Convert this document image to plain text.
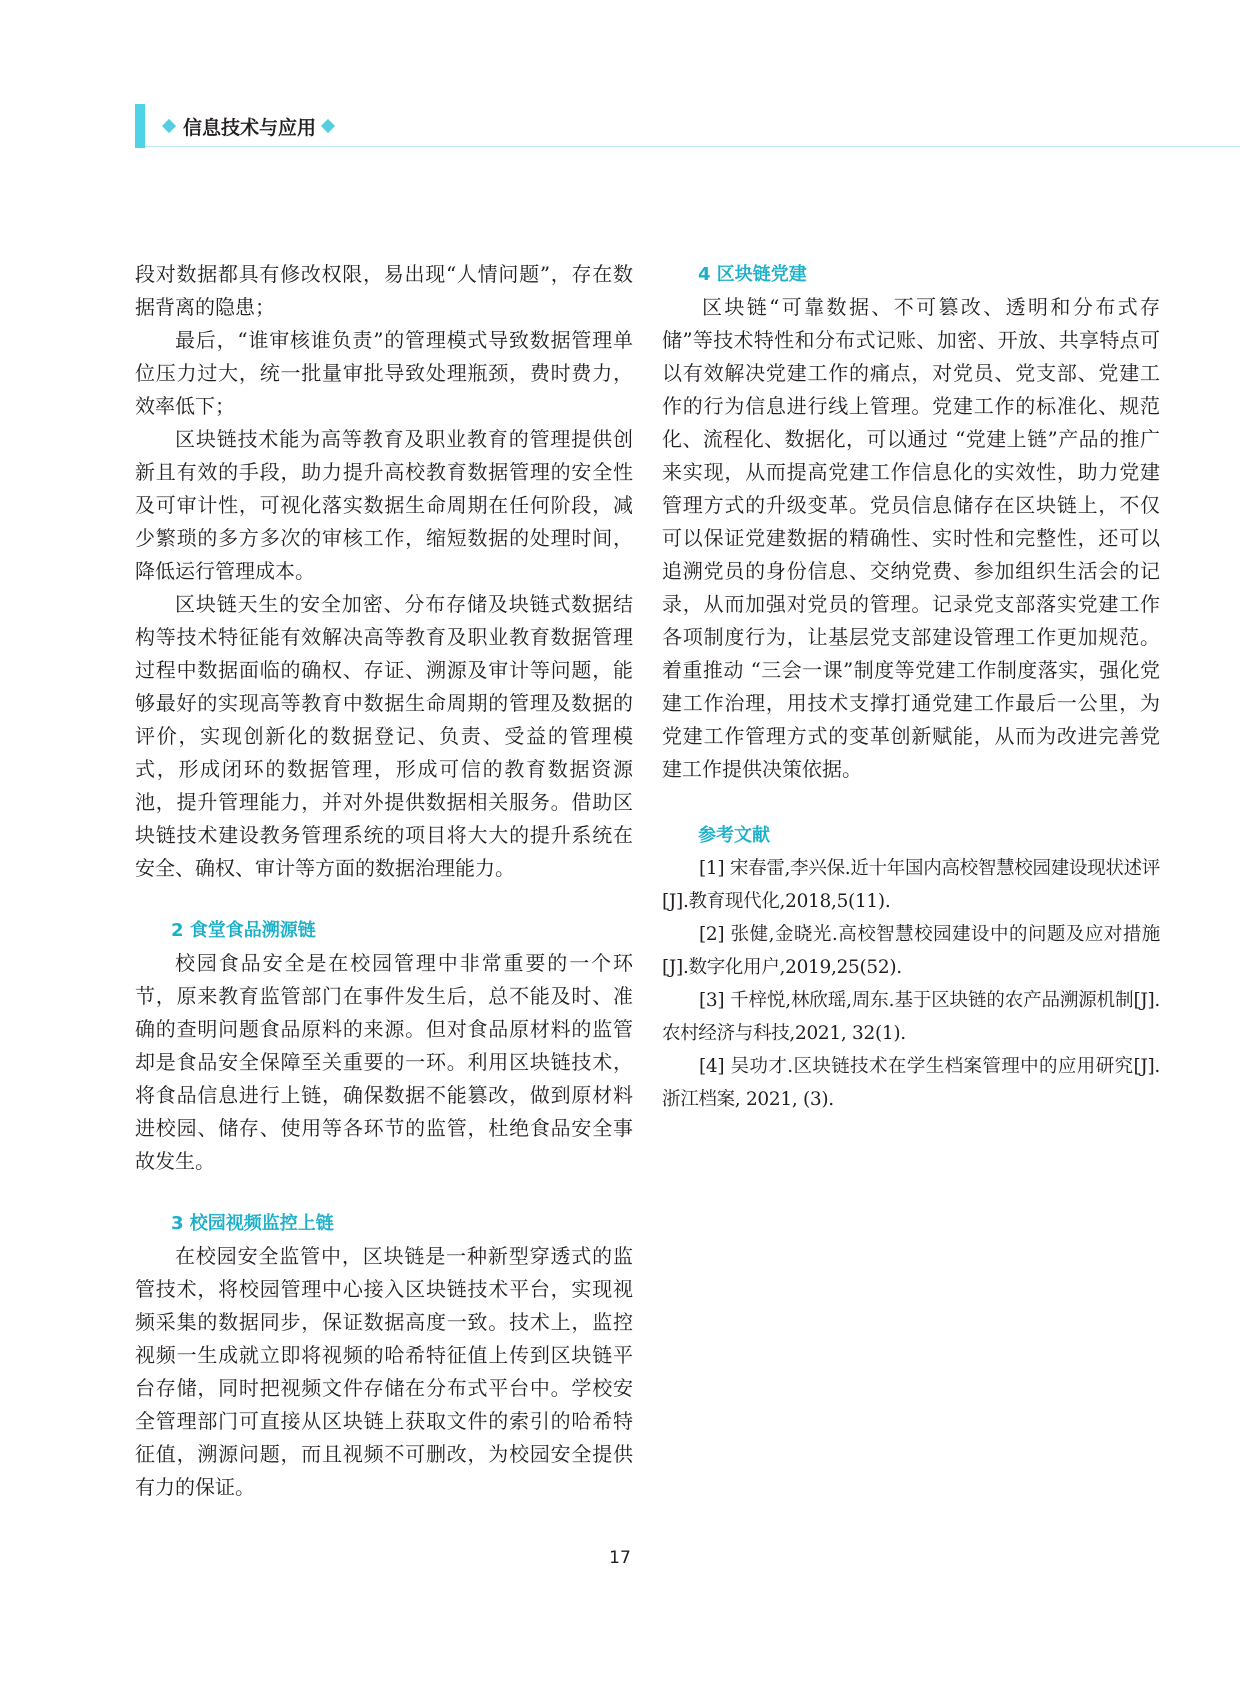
信息技术与应用

段对数据都具有修改权限，易出现“人情问题”，存在数据背离的隐患；

最后，“谁审核谁负责”的管理模式导致数据管理单位压力过大，统一批量审批导致处理瓶颈，费时费力，效率低下；

区块链技术能为高等教育及职业教育的管理提供创新且有效的手段，助力提升高校教育数据管理的安全性及可审计性，可视化落实数据生命周期在任何阶段，减少繁琐的多方多次的审核工作，缩短数据的处理时间，降低运行管理成本。

区块链天生的安全加密、分布存储及块链式数据结构等技术特征能有效解决高等教育及职业教育数据管理过程中数据面临的确权、存证、溯源及审计等问题，能够最好的实现高等教育中数据生命周期的管理及数据的评价，实现创新化的数据登记、负责、受益的管理模式，形成闭环的数据管理，形成可信的教育数据资源池，提升管理能力，并对外提供数据相关服务。借助区块链技术建设教务管理系统的项目将大大的提升系统在安全、确权、审计等方面的数据治理能力。

2 食堂食品溯源链

校园食品安全是在校园管理中非常重要的一个环节，原来教育监管部门在事件发生后，总不能及时、准确的查明问题食品原料的来源。但对食品原材料的监管却是食品安全保障至关重要的一环。利用区块链技术，将食品信息进行上链，确保数据不能篡改，做到原材料进校园、储存、使用等各环节的监管，杜绝食品安全事故发生。

3 校园视频监控上链

在校园安全监管中，区块链是一种新型穿透式的监管技术，将校园管理中心接入区块链技术平台，实现视频采集的数据同步，保证数据高度一致。技术上，监控视频一生成就立即将视频的哈希特征值上传到区块链平台存储，同时把视频文件存储在分布式平台中。学校安全管理部门可直接从区块链上获取文件的索引的哈希特征值，溯源问题，而且视频不可删改，为校园安全提供有力的保证。

4 区块链党建

区块链“可靠数据、不可篡改、透明和分布式存储”等技术特性和分布式记账、加密、开放、共享特点可以有效解决党建工作的痛点，对党员、党支部、党建工作的行为信息进行线上管理。党建工作的标准化、规范化、流程化、数据化，可以通过 “党建上链”产品的推广来实现，从而提高党建工作信息化的实效性，助力党建管理方式的升级变革。党员信息储存在区块链上，不仅可以保证党建数据的精确性、实时性和完整性，还可以追溯党员的身份信息、交纳党费、参加组织生活会的记录，从而加强对党员的管理。记录党支部落实党建工作各项制度行为，让基层党支部建设管理工作更加规范。着重推动 “三会一课”制度等党建工作制度落实，强化党建工作治理，用技术支撑打通党建工作最后一公里，为党建工作管理方式的变革创新赋能，从而为改进完善党建工作提供决策依据。

参考文献

[1] 宋春雷,李兴保.近十年国内高校智慧校园建设现状述评[J].教育现代化,2018,5(11).

[2] 张健,金晓光.高校智慧校园建设中的问题及应对措施[J].数字化用户,2019,25(52).

[3] 千梓悦,林欣瑶,周东.基于区块链的农产品溯源机制[J].农村经济与科技,2021, 32(1).

[4] 吴功才.区块链技术在学生档案管理中的应用研究[J].浙江档案, 2021, (3).

17
